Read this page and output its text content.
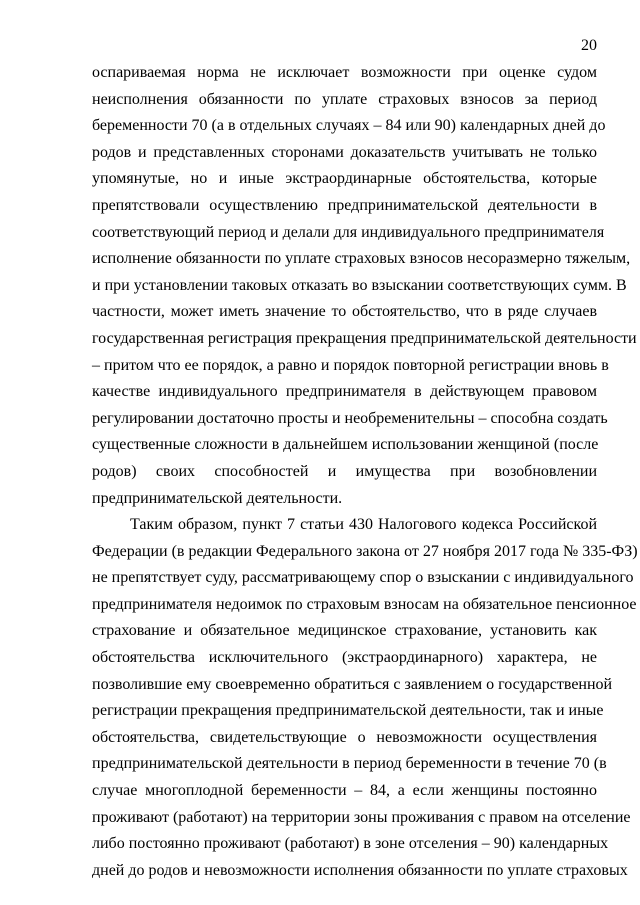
20
оспариваемая норма не исключает возможности при оценке судом
неисполнения обязанности по уплате страховых взносов за период
беременности 70 (а в отдельных случаях – 84 или 90) календарных дней до
родов и представленных сторонами доказательств учитывать не только
упомянутые, но и иные экстраординарные обстоятельства, которые
препятствовали осуществлению предпринимательской деятельности в
соответствующий период и делали для индивидуального предпринимателя
исполнение обязанности по уплате страховых взносов несоразмерно тяжелым,
и при установлении таковых отказать во взыскании соответствующих сумм. В
частности, может иметь значение то обстоятельство, что в ряде случаев
государственная регистрация прекращения предпринимательской деятельности
– притом что ее порядок, а равно и порядок повторной регистрации вновь в
качестве индивидуального предпринимателя в действующем правовом
регулировании достаточно просты и необременительны – способна создать
существенные сложности в дальнейшем использовании женщиной (после
родов) своих способностей и имущества при возобновлении
предпринимательской деятельности.
Таким образом, пункт 7 статьи 430 Налогового кодекса Российской
Федерации (в редакции Федерального закона от 27 ноября 2017 года № 335-ФЗ)
не препятствует суду, рассматривающему спор о взыскании с индивидуального
предпринимателя недоимок по страховым взносам на обязательное пенсионное
страхование и обязательное медицинское страхование, установить как
обстоятельства исключительного (экстраординарного) характера, не
позволившие ему своевременно обратиться с заявлением о государственной
регистрации прекращения предпринимательской деятельности, так и иные
обстоятельства, свидетельствующие о невозможности осуществления
предпринимательской деятельности в период беременности в течение 70 (в
случае многоплодной беременности – 84, а если женщины постоянно
проживают (работают) на территории зоны проживания с правом на отселение
либо постоянно проживают (работают) в зоне отселения – 90) календарных
дней до родов и невозможности исполнения обязанности по уплате страховых
